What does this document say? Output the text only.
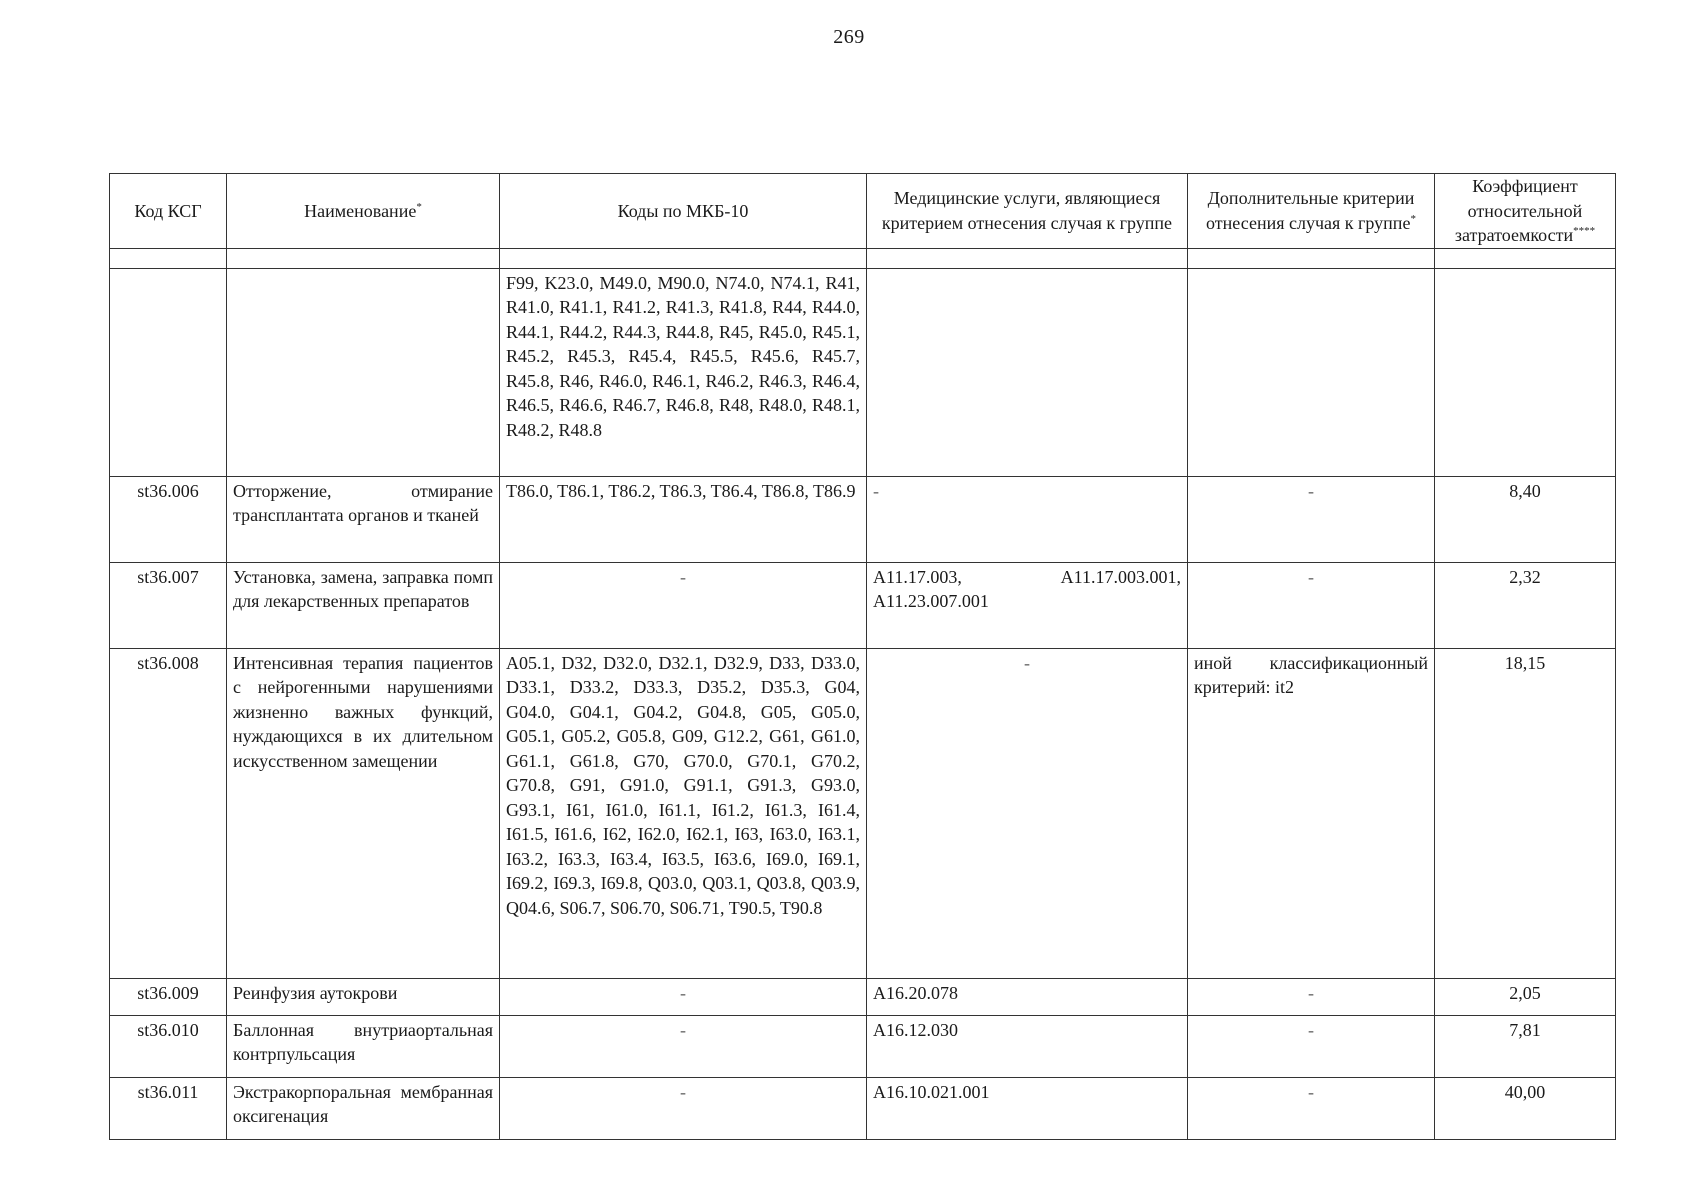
269
Код КСГ	Наименование*	Коды по МКБ-10	Медицинские услуги, являющиеся критерием отнесения случая к группе	Дополнительные критерии отнесения случая к группе*	Коэффициент относительной затратоемкости****

		F99, K23.0, M49.0, M90.0, N74.0, N74.1, R41, R41.0, R41.1, R41.2, R41.3, R41.8, R44, R44.0, R44.1, R44.2, R44.3, R44.8, R45, R45.0, R45.1, R45.2, R45.3, R45.4, R45.5, R45.6, R45.7, R45.8, R46, R46.0, R46.1, R46.2, R46.3, R46.4, R46.5, R46.6, R46.7, R46.8, R48, R48.0, R48.1, R48.2, R48.8			
st36.006	Отторжение, отмирание трансплантата органов и тканей	T86.0, T86.1, T86.2, T86.3, T86.4, T86.8, T86.9	-	-	8,40
st36.007	Установка, замена, заправка помп для лекарственных препаратов	-	A11.17.003, A11.17.003.001, A11.23.007.001	-	2,32
st36.008	Интенсивная терапия пациентов с нейрогенными нарушениями жизненно важных функций, нуждающихся в их длительном искусственном замещении	A05.1, D32, D32.0, D32.1, D32.9, D33, D33.0, D33.1, D33.2, D33.3, D35.2, D35.3, G04, G04.0, G04.1, G04.2, G04.8, G05, G05.0, G05.1, G05.2, G05.8, G09, G12.2, G61, G61.0, G61.1, G61.8, G70, G70.0, G70.1, G70.2, G70.8, G91, G91.0, G91.1, G91.3, G93.0, G93.1, I61, I61.0, I61.1, I61.2, I61.3, I61.4, I61.5, I61.6, I62, I62.0, I62.1, I63, I63.0, I63.1, I63.2, I63.3, I63.4, I63.5, I63.6, I69.0, I69.1, I69.2, I69.3, I69.8, Q03.0, Q03.1, Q03.8, Q03.9, Q04.6, S06.7, S06.70, S06.71, T90.5, T90.8	-	иной классификационный критерий: it2	18,15
st36.009	Реинфузия аутокрови	-	A16.20.078	-	2,05
st36.010	Баллонная внутриаортальная контрпульсация	-	A16.12.030	-	7,81
st36.011	Экстракорпоральная мембранная оксигенация	-	A16.10.021.001	-	40,00
